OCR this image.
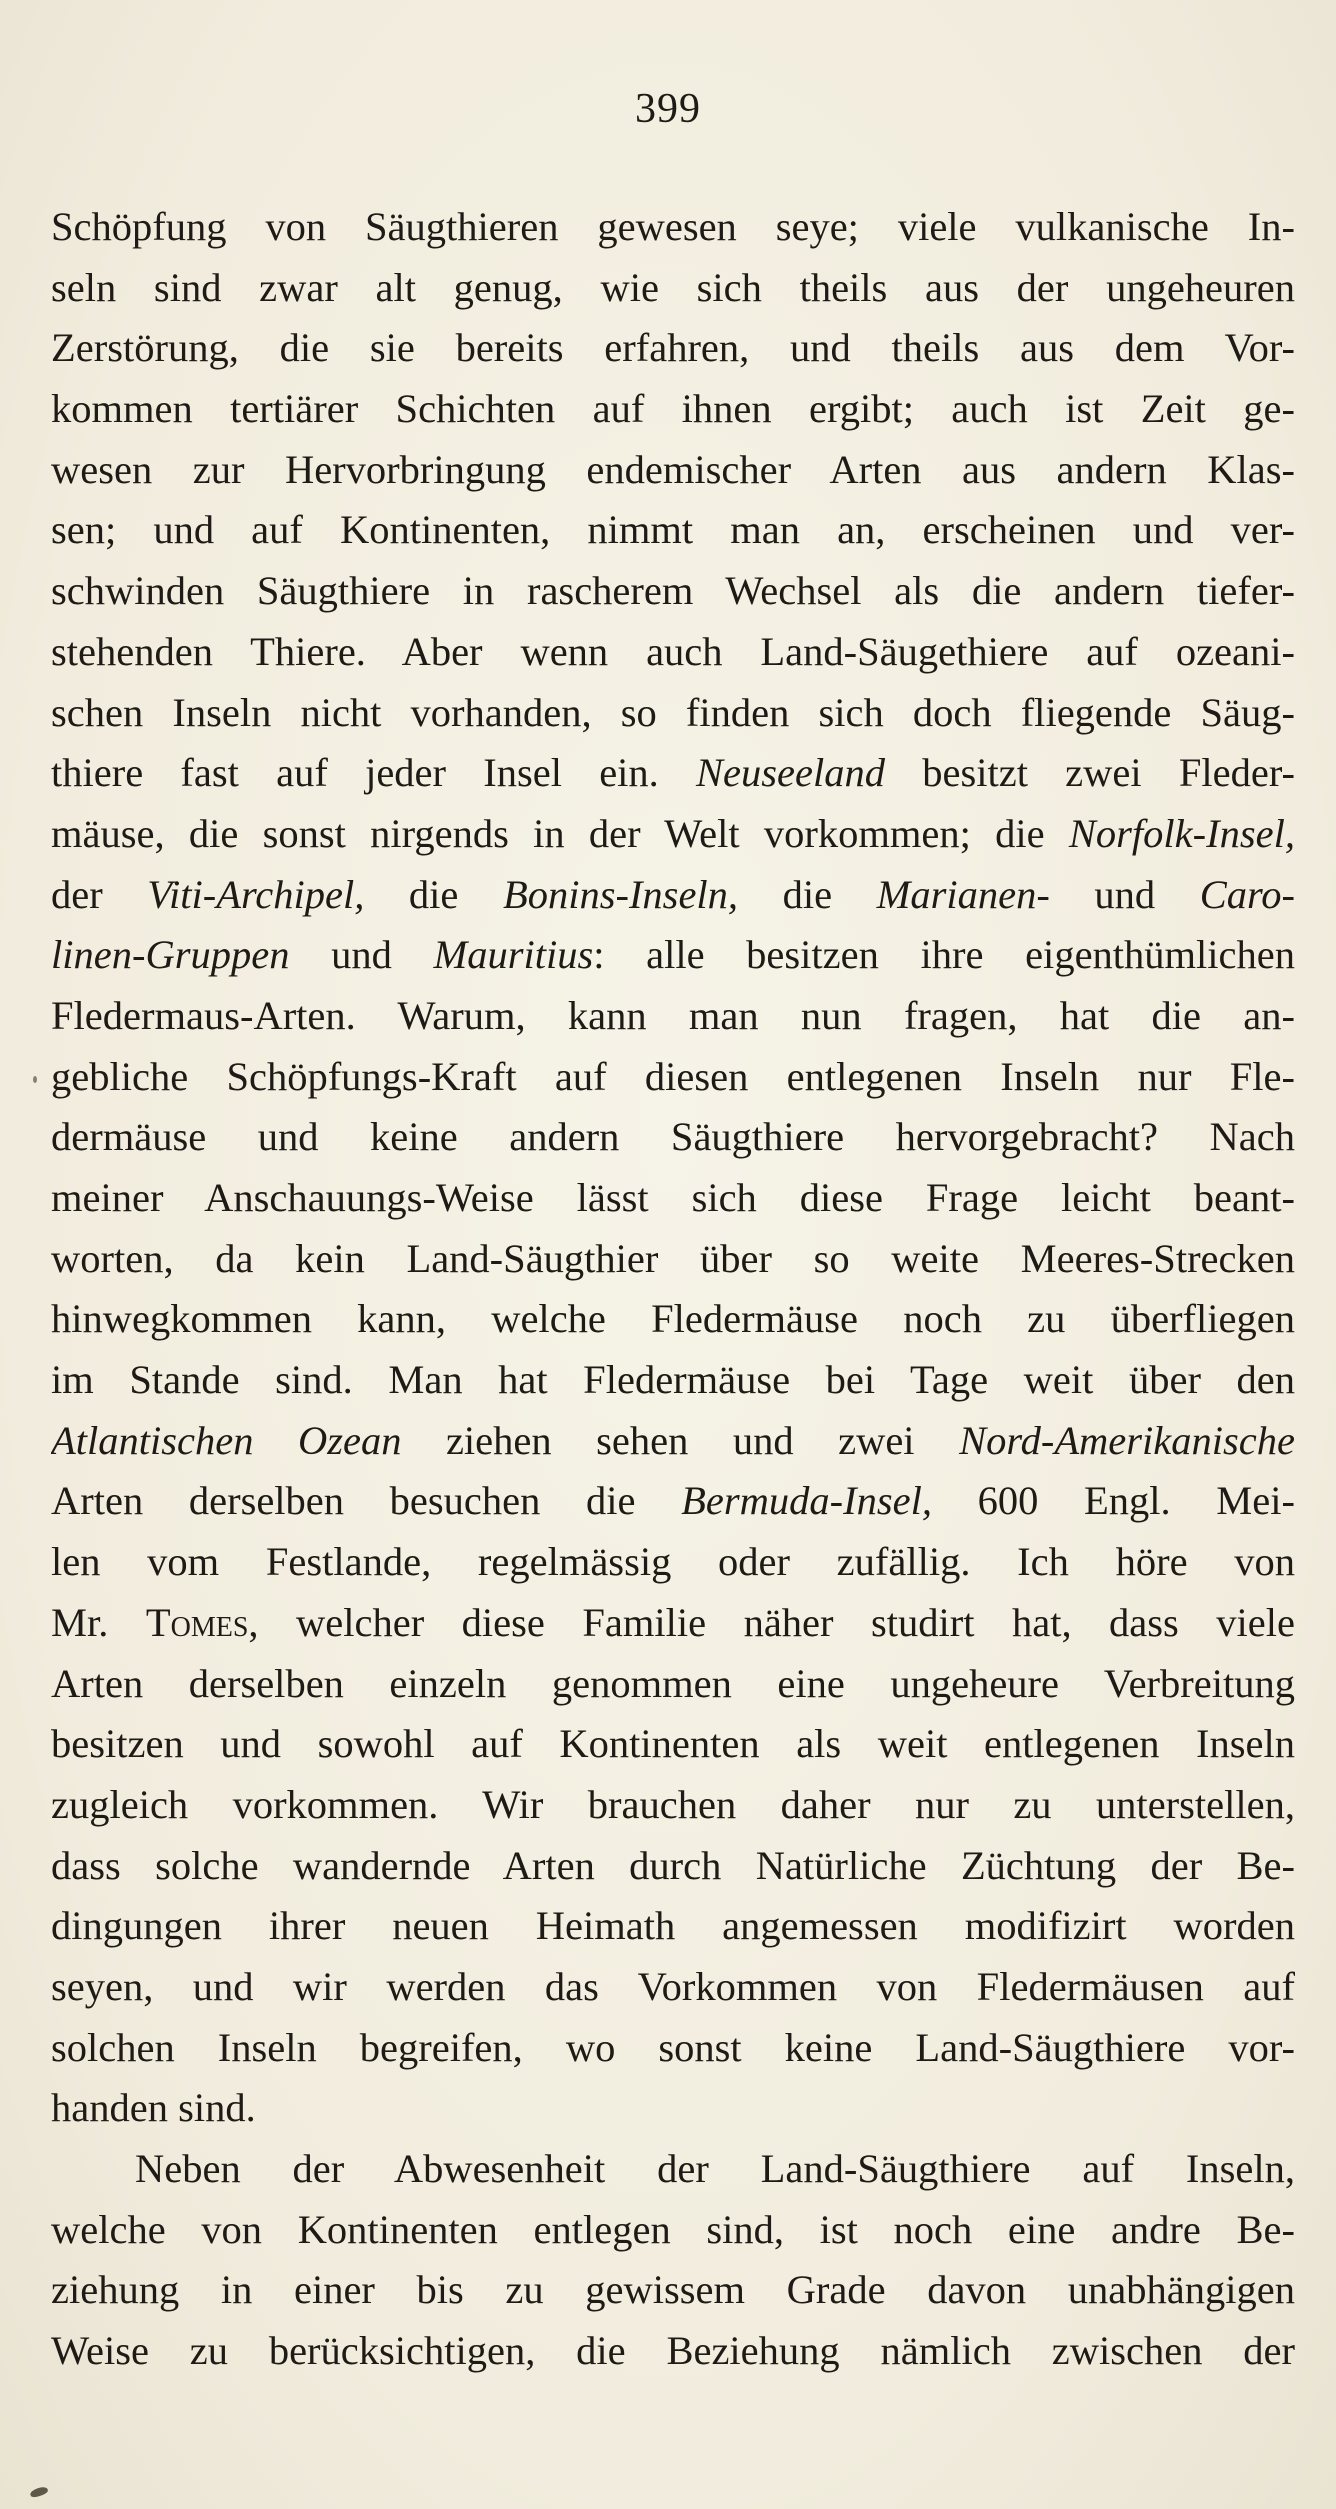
399
Schöpfung von Säugthieren gewesen seye; viele vulkanische In-
seln sind zwar alt genug, wie sich theils aus der ungeheuren
Zerstörung, die sie bereits erfahren, und theils aus dem Vor-
kommen tertiärer Schichten auf ihnen ergibt; auch ist Zeit ge-
wesen zur Hervorbringung endemischer Arten aus andern Klas-
sen; und auf Kontinenten, nimmt man an, erscheinen und ver-
schwinden Säugthiere in rascherem Wechsel als die andern tiefer-
stehenden Thiere. Aber wenn auch Land-Säugethiere auf ozeani-
schen Inseln nicht vorhanden, so finden sich doch fliegende Säug-
thiere fast auf jeder Insel ein. Neuseeland besitzt zwei Fleder-
mäuse, die sonst nirgends in der Welt vorkommen; die Norfolk-Insel,
der Viti-Archipel, die Bonins-Inseln, die Marianen- und Caro-
linen-Gruppen und Mauritius: alle besitzen ihre eigenthümlichen
Fledermaus-Arten. Warum, kann man nun fragen, hat die an-
gebliche Schöpfungs-Kraft auf diesen entlegenen Inseln nur Fle-
dermäuse und keine andern Säugthiere hervorgebracht? Nach
meiner Anschauungs-Weise lässt sich diese Frage leicht beant-
worten, da kein Land-Säugthier über so weite Meeres-Strecken
hinwegkommen kann, welche Fledermäuse noch zu überfliegen
im Stande sind. Man hat Fledermäuse bei Tage weit über den
Atlantischen Ozean ziehen sehen und zwei Nord-Amerikanische
Arten derselben besuchen die Bermuda-Insel, 600 Engl. Mei-
len vom Festlande, regelmässig oder zufällig. Ich höre von
Mr. Tomes, welcher diese Familie näher studirt hat, dass viele
Arten derselben einzeln genommen eine ungeheure Verbreitung
besitzen und sowohl auf Kontinenten als weit entlegenen Inseln
zugleich vorkommen. Wir brauchen daher nur zu unterstellen,
dass solche wandernde Arten durch Natürliche Züchtung der Be-
dingungen ihrer neuen Heimath angemessen modifizirt worden
seyen, und wir werden das Vorkommen von Fledermäusen auf
solchen Inseln begreifen, wo sonst keine Land-Säugthiere vor-
handen sind.
Neben der Abwesenheit der Land-Säugthiere auf Inseln,
welche von Kontinenten entlegen sind, ist noch eine andre Be-
ziehung in einer bis zu gewissem Grade davon unabhängigen
Weise zu berücksichtigen, die Beziehung nämlich zwischen der
